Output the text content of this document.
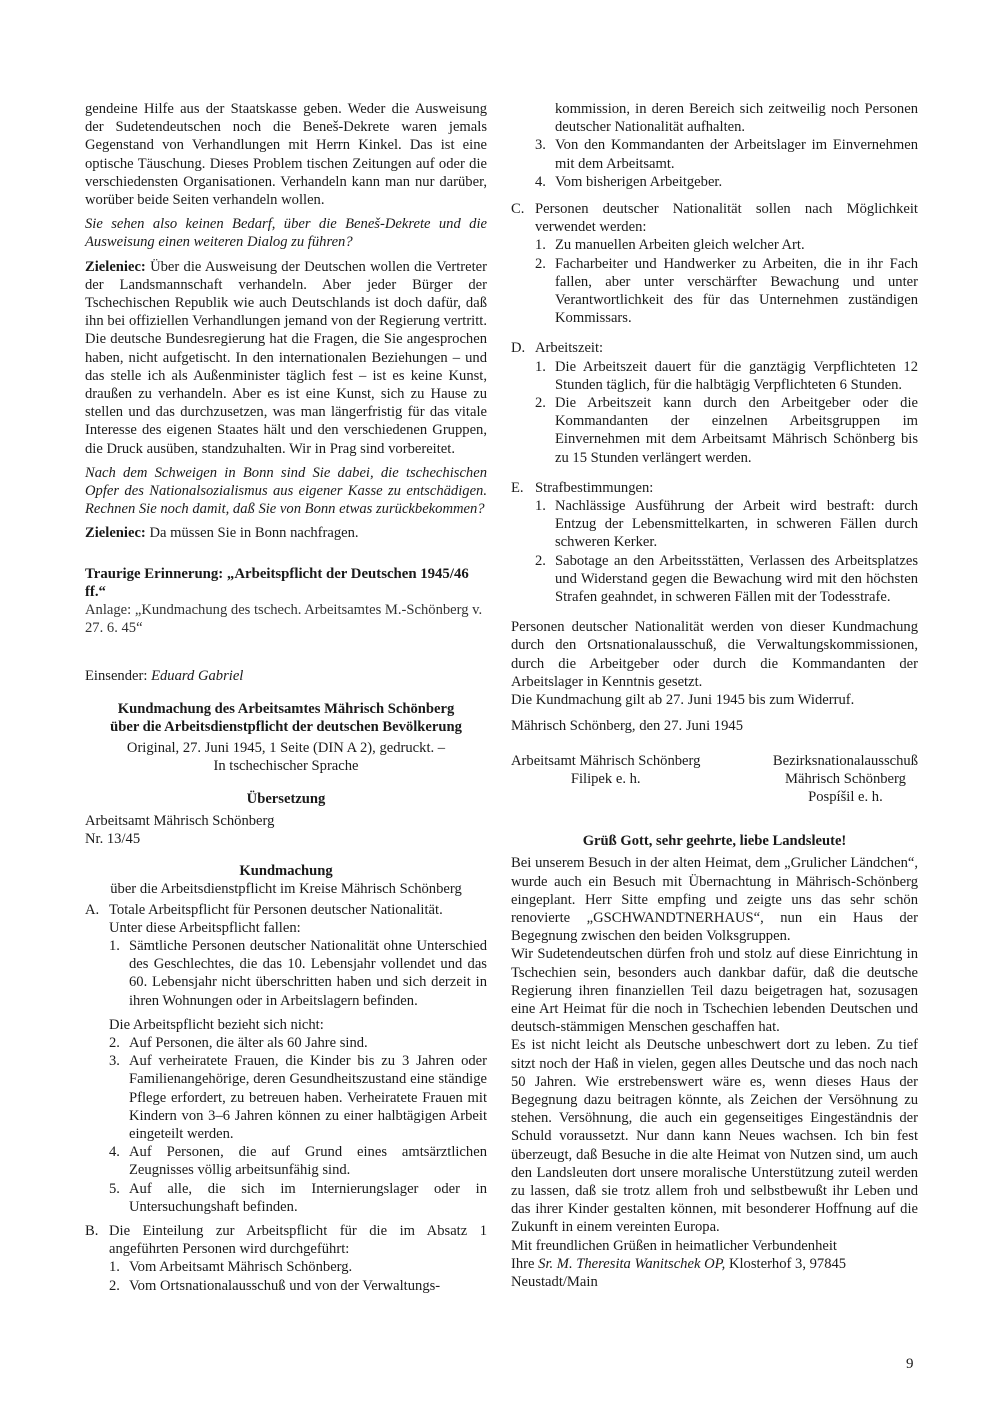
gendeine Hilfe aus der Staatskasse geben. Weder die Ausweisung der Sudetendeutschen noch die Beneš-Dekrete waren jemals Gegenstand von Verhandlungen mit Herrn Kinkel. Das ist eine optische Täuschung. Dieses Problem tischen Zeitungen auf oder die verschiedensten Organisationen. Verhandeln kann man nur darüber, worüber beide Seiten verhandeln wollen.

Sie sehen also keinen Bedarf, über die Beneš-Dekrete und die Ausweisung einen weiteren Dialog zu führen?

Zieleniec: Über die Ausweisung der Deutschen wollen die Vertreter der Landsmannschaft verhandeln. Aber jeder Bürger der Tschechischen Republik wie auch Deutschlands ist doch dafür, daß ihn bei offiziellen Verhandlungen jemand von der Regierung vertritt. Die deutsche Bundesregierung hat die Fragen, die Sie angesprochen haben, nicht aufgetischt. In den internationalen Beziehungen – und das stelle ich als Außenminister täglich fest – ist es keine Kunst, draußen zu verhandeln. Aber es ist eine Kunst, sich zu Hause zu stellen und das durchzusetzen, was man längerfristig für das vitale Interesse des eigenen Staates hält und den verschiedenen Gruppen, die Druck ausüben, standzuhalten. Wir in Prag sind vorbereitet.

Nach dem Schweigen in Bonn sind Sie dabei, die tschechischen Opfer des Nationalsozialismus aus eigener Kasse zu entschädigen. Rechnen Sie noch damit, daß Sie von Bonn etwas zurückbekommen?

Zieleniec: Da müssen Sie in Bonn nachfragen.

Traurige Erinnerung: „Arbeitspflicht der Deutschen 1945/46 ff.“

Anlage: „Kundmachung des tschech. Arbeitsamtes M.-Schönberg v. 27. 6. 45“

Einsender: Eduard Gabriel

Kundmachung des Arbeitsamtes Mährisch Schönberg

über die Arbeitsdienstpflicht der deutschen Bevölkerung

Original, 27. Juni 1945, 1 Seite (DIN A 2), gedruckt. –

In tschechischer Sprache

Übersetzung

Arbeitsamt Mährisch Schönberg

Nr. 13/45

Kundmachung

über die Arbeitsdienstpflicht im Kreise Mährisch Schönberg

A. Totale Arbeitspflicht für Personen deutscher Nationalität.

Unter diese Arbeitspflicht fallen:

1. Sämtliche Personen deutscher Nationalität ohne Unterschied des Geschlechtes, die das 10. Lebensjahr vollendet und das 60. Lebensjahr nicht überschritten haben und sich derzeit in ihren Wohnungen oder in Arbeitslagern befinden.

Die Arbeitspflicht bezieht sich nicht:

2. Auf Personen, die älter als 60 Jahre sind.
3. Auf verheiratete Frauen, die Kinder bis zu 3 Jahren oder Familienangehörige, deren Gesundheitszustand eine ständige Pflege erfordert, zu betreuen haben. Verheiratete Frauen mit Kindern von 3–6 Jahren können zu einer halbtägigen Arbeit eingeteilt werden.
4. Auf Personen, die auf Grund eines amtsärztlichen Zeugnisses völlig arbeitsunfähig sind.
5. Auf alle, die sich im Internierungslager oder in Untersuchungshaft befinden.
B. Die Einteilung zur Arbeitspflicht für die im Absatz 1 angeführten Personen wird durchgeführt:
1. Vom Arbeitsamt Mährisch Schönberg.
2. Vom Ortsnationalausschuß und von der Verwaltungs-

kommission, in deren Bereich sich zeitweilig noch Personen deutscher Nationalität aufhalten.

3. Von den Kommandanten der Arbeitslager im Einvernehmen mit dem Arbeitsamt.
4. Vom bisherigen Arbeitgeber.
C. Personen deutscher Nationalität sollen nach Möglichkeit verwendet werden:
1. Zu manuellen Arbeiten gleich welcher Art.
2. Facharbeiter und Handwerker zu Arbeiten, die in ihr Fach fallen, aber unter verschärfter Bewachung und unter Verantwortlichkeit des für das Unternehmen zuständigen Kommissars.
D. Arbeitszeit:
1. Die Arbeitszeit dauert für die ganztägig Verpflichteten 12 Stunden täglich, für die halbtägig Verpflichteten 6 Stunden.
2. Die Arbeitszeit kann durch den Arbeitgeber oder die Kommandanten der einzelnen Arbeitsgruppen im Einvernehmen mit dem Arbeitsamt Mährisch Schönberg bis zu 15 Stunden verlängert werden.
E. Strafbestimmungen:
1. Nachlässige Ausführung der Arbeit wird bestraft: durch Entzug der Lebensmittelkarten, in schweren Fällen durch schweren Kerker.
2. Sabotage an den Arbeitsstätten, Verlassen des Arbeitsplatzes und Widerstand gegen die Bewachung wird mit den höchsten Strafen geahndet, in schweren Fällen mit der Todesstrafe.

Personen deutscher Nationalität werden von dieser Kundmachung durch den Ortsnationalausschuß, die Verwaltungskommissionen, durch die Arbeitgeber oder durch die Kommandanten der Arbeitslager in Kenntnis gesetzt.

Die Kundmachung gilt ab 27. Juni 1945 bis zum Widerruf.

Mährisch Schönberg, den 27. Juni 1945

Arbeitsamt Mährisch Schönberg

Filipek e. h.

Bezirksnationalausschuß

Mährisch Schönberg

Pospíšil e. h.

Grüß Gott, sehr geehrte, liebe Landsleute!

Bei unserem Besuch in der alten Heimat, dem „Grulicher Ländchen“, wurde auch ein Besuch mit Übernachtung in Mährisch-Schönberg eingeplant. Herr Sitte empfing und zeigte uns das sehr schön renovierte „GSCHWANDTNERHAUS“, nun ein Haus der Begegnung zwischen den beiden Volksgruppen.

Wir Sudetendeutschen dürfen froh und stolz auf diese Einrichtung in Tschechien sein, besonders auch dankbar dafür, daß die deutsche Regierung ihren finanziellen Teil dazu beigetragen hat, sozusagen eine Art Heimat für die noch in Tschechien lebenden Deutschen und deutsch-stämmigen Menschen geschaffen hat.

Es ist nicht leicht als Deutsche unbeschwert dort zu leben. Zu tief sitzt noch der Haß in vielen, gegen alles Deutsche und das noch nach 50 Jahren. Wie erstrebenswert wäre es, wenn dieses Haus der Begegnung dazu beitragen könnte, als Zeichen der Versöhnung zu stehen. Versöhnung, die auch ein gegenseitiges Eingeständnis der Schuld voraussetzt. Nur dann kann Neues wachsen. Ich bin fest überzeugt, daß Besuche in die alte Heimat von Nutzen sind, um auch den Landsleuten dort unsere moralische Unterstützung zuteil werden zu lassen, daß sie trotz allem froh und selbstbewußt ihr Leben und das ihrer Kinder gestalten können, mit besonderer Hoffnung auf die Zukunft in einem vereinten Europa.

Mit freundlichen Grüßen in heimatlicher Verbundenheit

Ihre Sr. M. Theresita Wanitschek OP, Klosterhof 3, 97845 Neustadt/Main

9
